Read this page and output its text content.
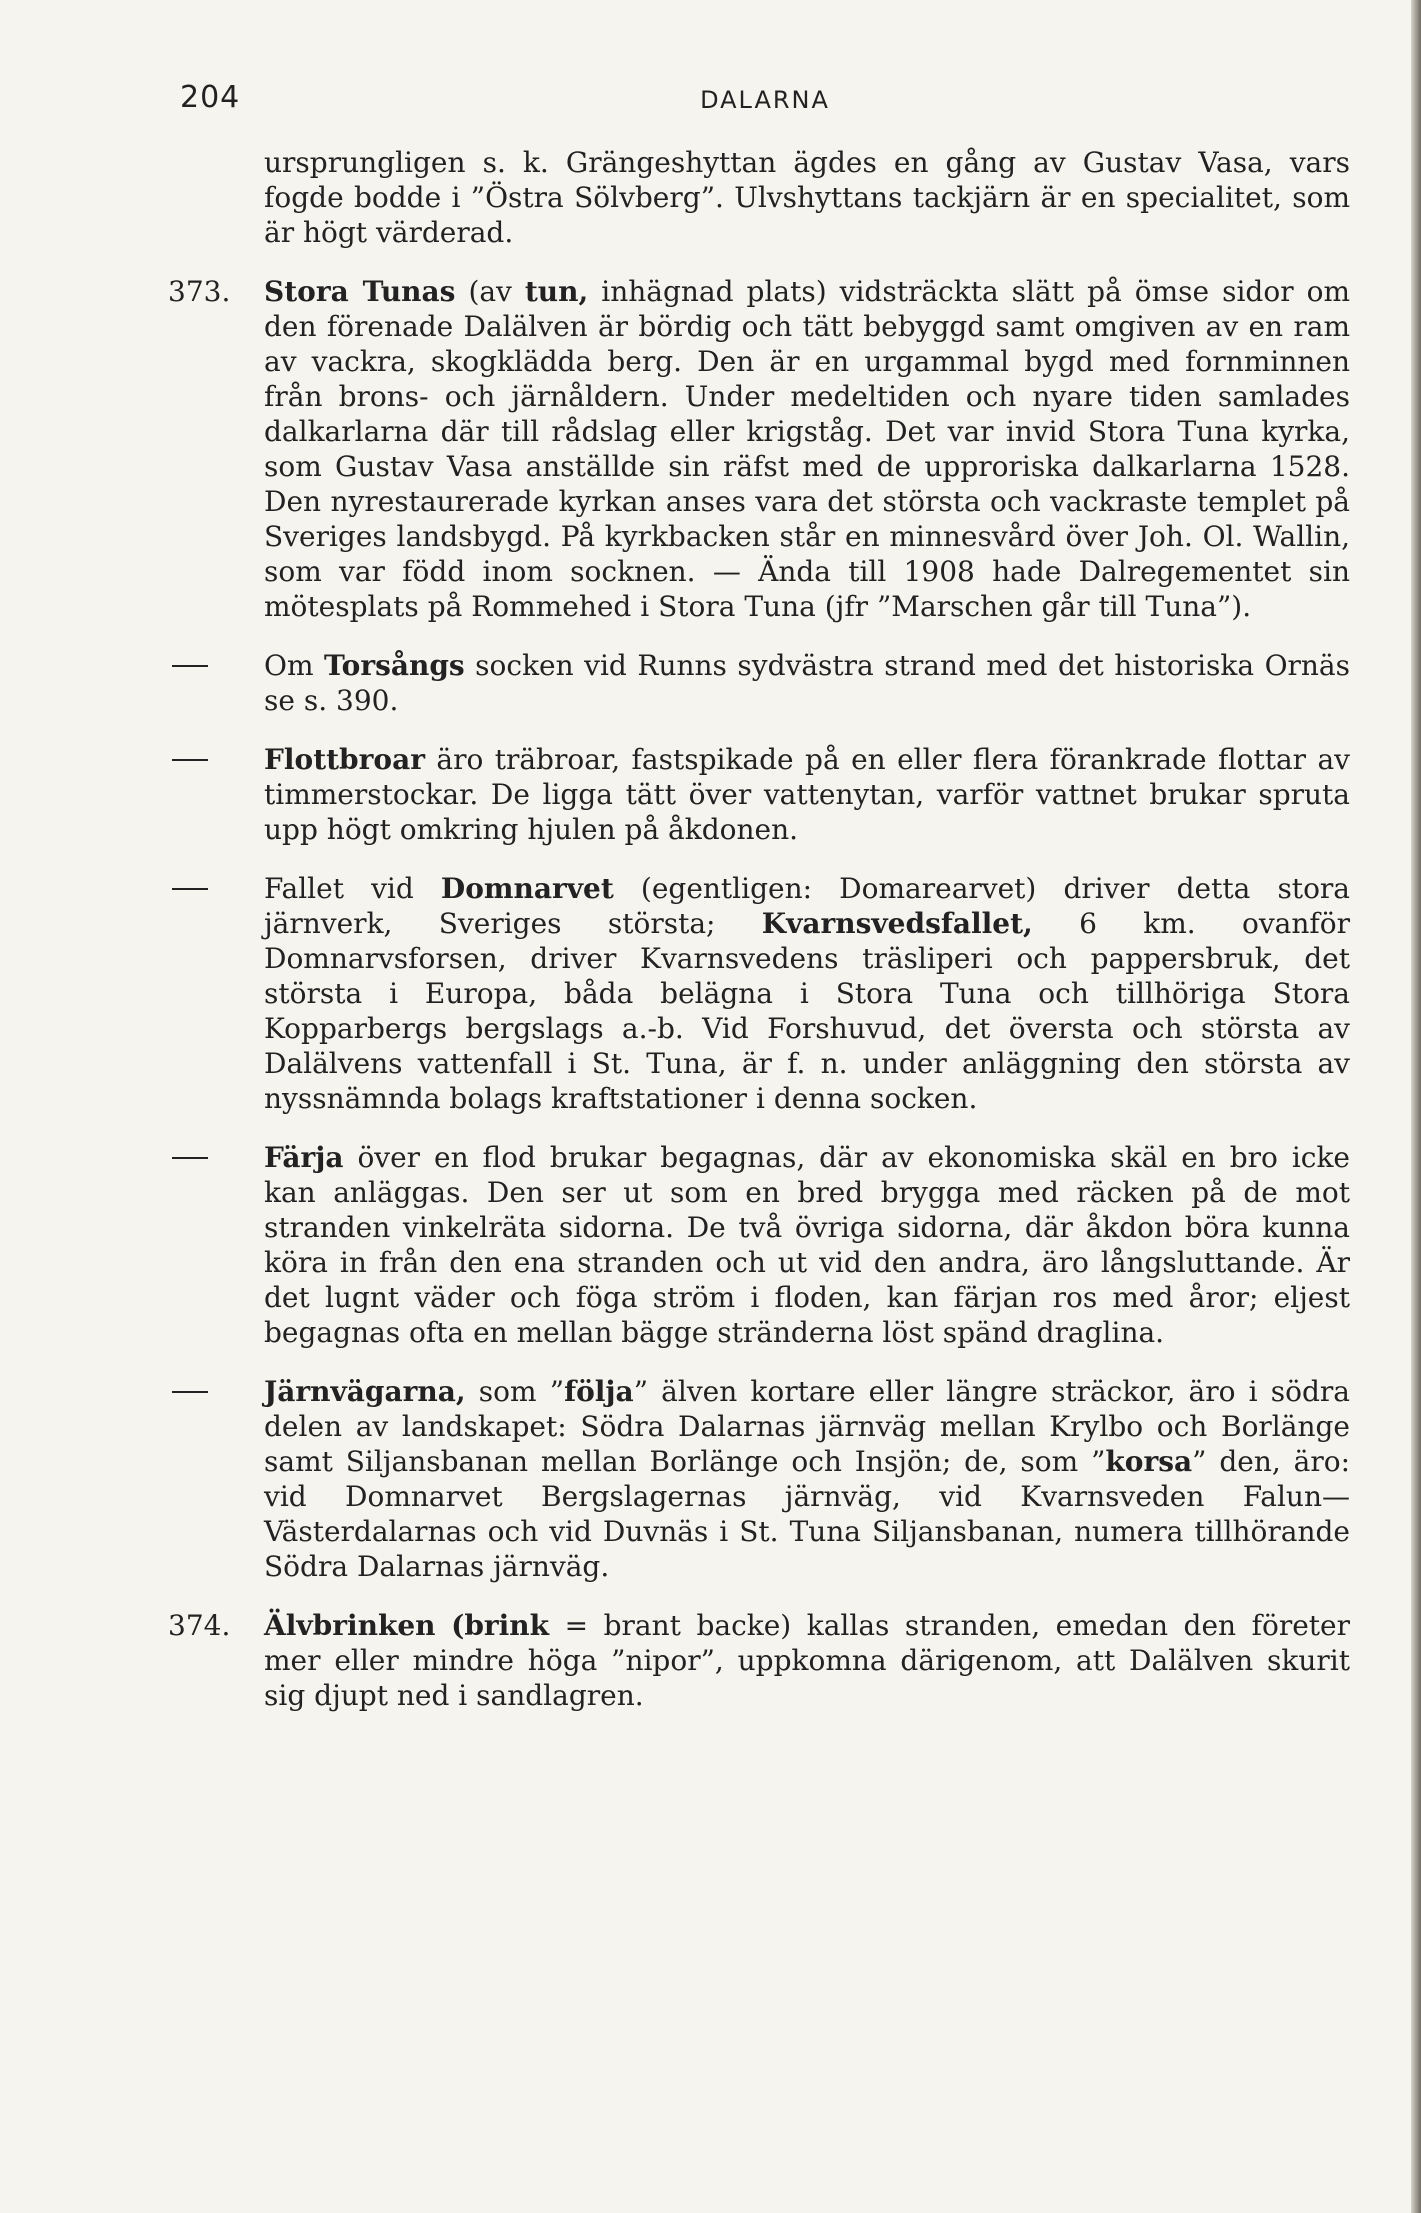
204	DALARNA
ursprungligen s. k. Grängeshyttan ägdes en gång av Gustav Vasa, vars fogde bodde i ”Östra Sölvberg”. Ulvshyttans tackjärn är en specialitet, som är högt värderad.
373. Stora Tunas (av tun, inhägnad plats) vidsträckta slätt på ömse sidor om den förenade Dalälven är bördig och tätt bebyggd samt omgiven av en ram av vackra, skogklädda berg. Den är en urgammal bygd med fornminnen från brons- och järnåldern. Under medeltiden och nyare tiden samlades dalkarlarna där till rådslag eller krigståg. Det var invid Stora Tuna kyrka, som Gustav Vasa anställde sin räfst med de upproriska dalkarlarna 1528. Den nyrestaurerade kyrkan anses vara det största och vackraste templet på Sveriges landsbygd. På kyrkbacken står en minnesvård över Joh. Ol. Wallin, som var född inom socknen. — Ända till 1908 hade Dalregementet sin mötesplats på Rommehed i Stora Tuna (jfr ”Marschen går till Tuna”).
Om Torsångs socken vid Runns sydvästra strand med det historiska Ornäs se s. 390.
Flottbroar äro träbroar, fastspikade på en eller flera förankrade flottar av timmerstockar. De ligga tätt över vattenytan, varför vattnet brukar spruta upp högt omkring hjulen på åkdonen.
Fallet vid Domnarvet (egentligen: Domarearvet) driver detta stora järnverk, Sveriges största; Kvarnsvedsfallet, 6 km. ovanför Domnarvsforsen, driver Kvarnsvedens träsliperi och pappersbruk, det största i Europa, båda belägna i Stora Tuna och tillhöriga Stora Kopparbergs bergslags a.-b. Vid Forshuvud, det översta och största av Dalälvens vattenfall i St. Tuna, är f. n. under anläggning den största av nyssnämnda bolags kraftstationer i denna socken.
Färja över en flod brukar begagnas, där av ekonomiska skäl en bro icke kan anläggas. Den ser ut som en bred brygga med räcken på de mot stranden vinkelräta sidorna. De två övriga sidorna, där åkdon böra kunna köra in från den ena stranden och ut vid den andra, äro långsluttande. Är det lugnt väder och föga ström i floden, kan färjan ros med åror; eljest begagnas ofta en mellan bägge stränderna löst spänd draglina.
Järnvägarna, som ”följa” älven kortare eller längre sträckor, äro i södra delen av landskapet: Södra Dalarnas järnväg mellan Krylbo och Borlänge samt Siljansbanan mellan Borlänge och Insjön; de, som ”korsa” den, äro: vid Domnarvet Bergslagernas järnväg, vid Kvarnsveden Falun—Västerdalarnas och vid Duvnäs i St. Tuna Siljansbanan, numera tillhörande Södra Dalarnas järnväg.
374. Älvbrinken (brink = brant backe) kallas stranden, emedan den företer mer eller mindre höga ”nipor”, uppkomna därigenom, att Dalälven skurit sig djupt ned i sandlagren.
